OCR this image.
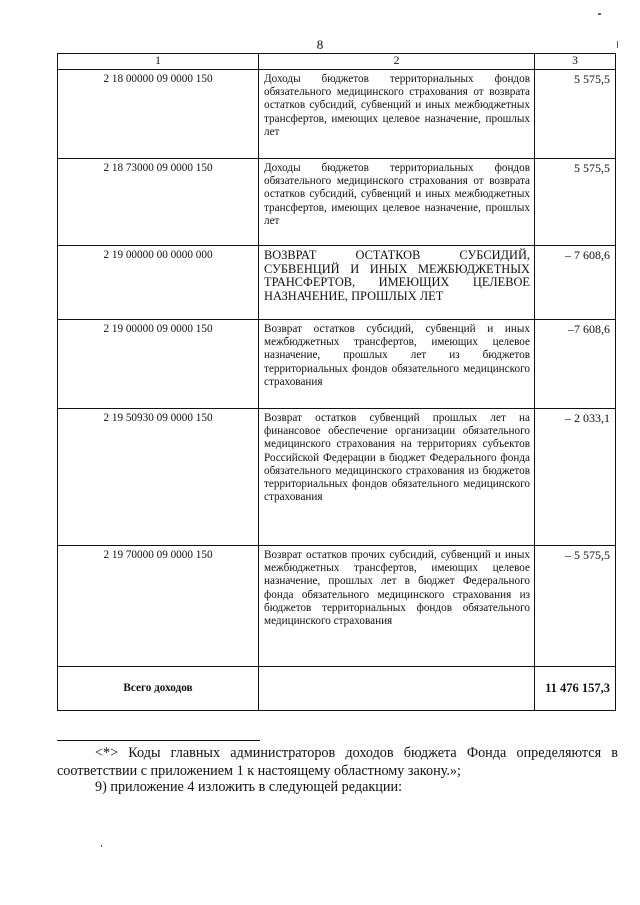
8
1	2	3
2 18 00000 09 0000 150	Доходы бюджетов территориальных фондов обязательного медицинского страхования от возврата остатков субсидий, субвенций и иных межбюджетных трансфертов, имеющих целевое назначение, прошлых лет	5 575,5
2 18 73000 09 0000 150	Доходы бюджетов территориальных фондов обязательного медицинского страхования от возврата остатков субсидий, субвенций и иных межбюджетных трансфертов, имеющих целевое назначение, прошлых лет	5 575,5
2 19 00000 00 0000 000	ВОЗВРАТ ОСТАТКОВ СУБСИДИЙ, СУБВЕНЦИЙ И ИНЫХ МЕЖБЮДЖЕТНЫХ ТРАНСФЕРТОВ, ИМЕЮЩИХ ЦЕЛЕВОЕ НАЗНАЧЕНИЕ, ПРОШЛЫХ ЛЕТ	– 7 608,6
2 19 00000 09 0000 150	Возврат остатков субсидий, субвенций и иных межбюджетных трансфертов, имеющих целевое назначение, прошлых лет из бюджетов территориальных фондов обязательного медицинского страхования	–7 608,6
2 19 50930 09 0000 150	Возврат остатков субвенций прошлых лет на финансовое обеспечение организации обязательного медицинского страхования на территориях субъектов Российской Федерации в бюджет Федерального фонда обязательного медицинского страхования из бюджетов территориальных фондов обязательного медицинского страхования	– 2 033,1
2 19 70000 09 0000 150	Возврат остатков прочих субсидий, субвенций и иных межбюджетных трансфертов, имеющих целевое назначение, прошлых лет в бюджет Федерального фонда обязательного медицинского страхования из бюджетов территориальных фондов обязательного медицинского страхования	– 5 575,5
Всего доходов		11 476 157,3
<*> Коды главных администраторов доходов бюджета Фонда определяются в соответствии с приложением 1 к настоящему областному закону.»;
9) приложение 4 изложить в следующей редакции:
